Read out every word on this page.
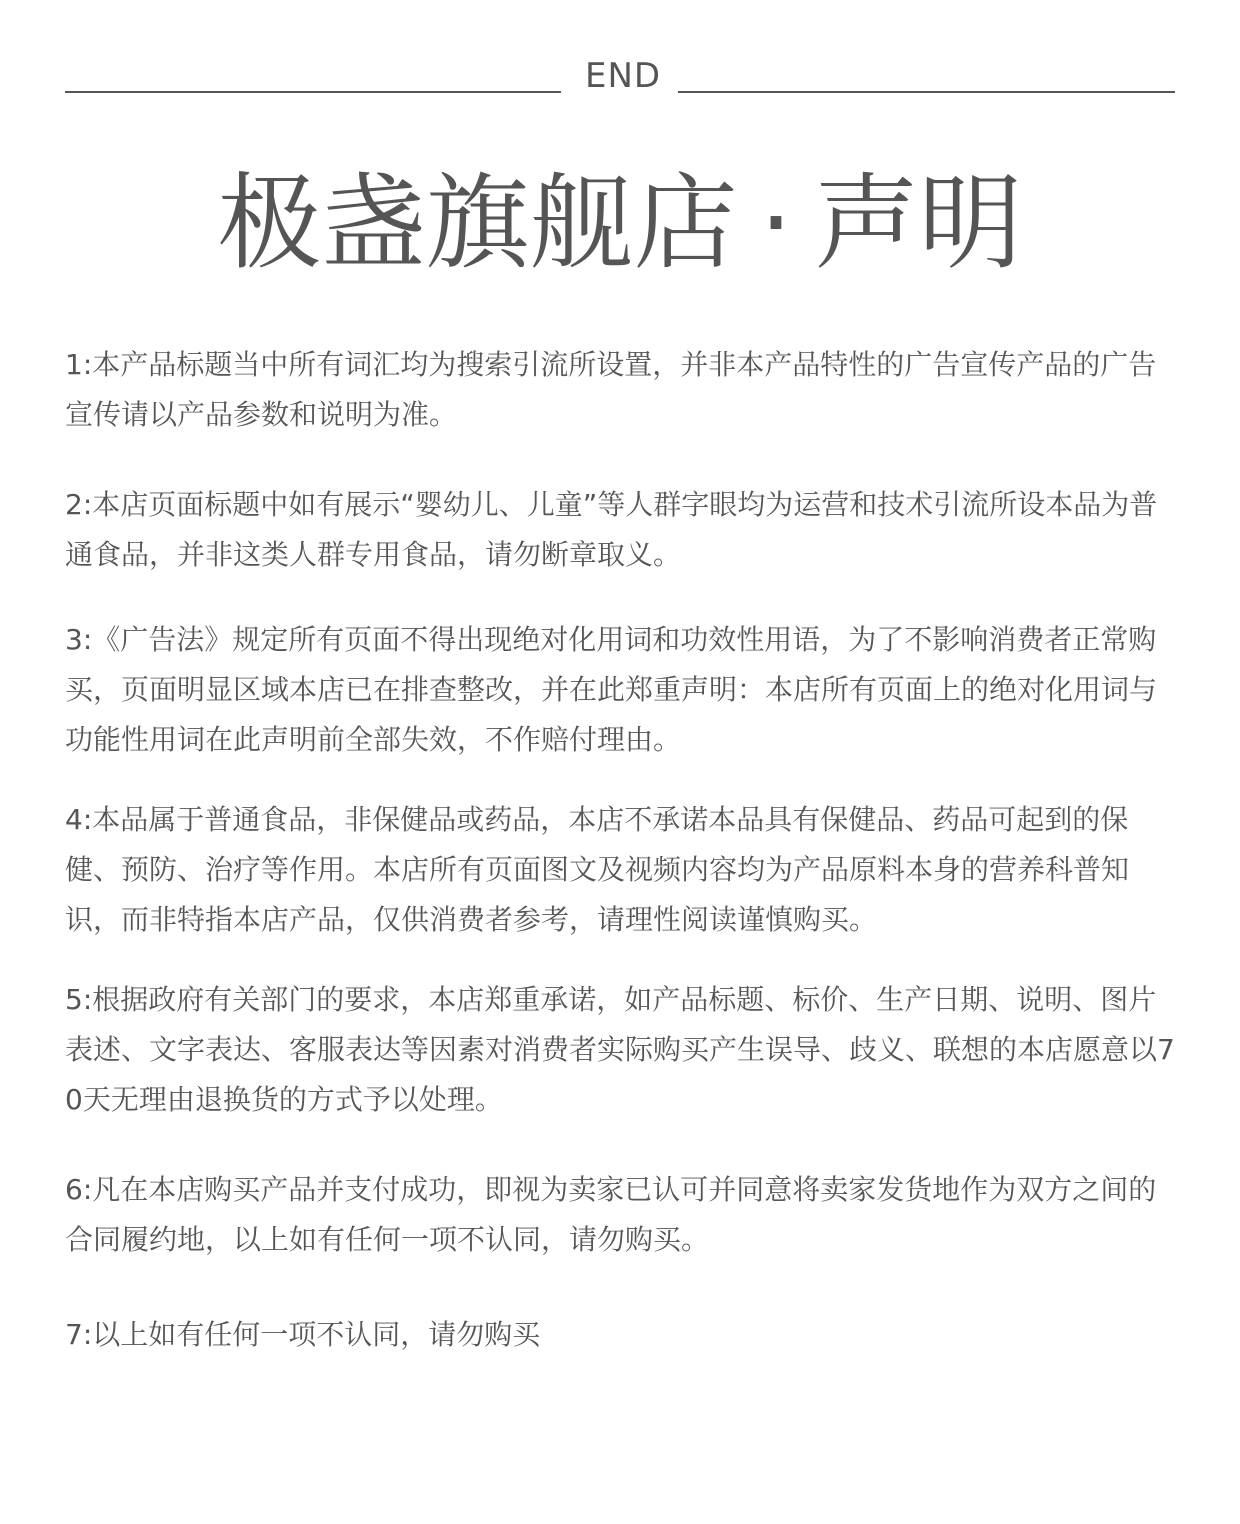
END
极盏旗舰店 · 声明

1:本产品标题当中所有词汇均为搜索引流所设置，并非本产品特性的广告宣传产品的广告宣传请以产品参数和说明为准。

2:本店页面标题中如有展示“婴幼儿、儿童”等人群字眼均为运营和技术引流所设本品为普通食品，并非这类人群专用食品，请勿断章取义。

3:《广告法》规定所有页面不得出现绝对化用词和功效性用语，为了不影响消费者正常购买，页面明显区域本店已在排查整改，并在此郑重声明：本店所有页面上的绝对化用词与功能性用词在此声明前全部失效，不作赔付理由。

4:本品属于普通食品，非保健品或药品，本店不承诺本品具有保健品、药品可起到的保健、预防、治疗等作用。本店所有页面图文及视频内容均为产品原料本身的营养科普知识，而非特指本店产品，仅供消费者参考，请理性阅读谨慎购买。

5:根据政府有关部门的要求，本店郑重承诺，如产品标题、标价、生产日期、说明、图片表述、文字表达、客服表达等因素对消费者实际购买产生误导、歧义、联想的本店愿意以70天无理由退换货的方式予以处理。

6:凡在本店购买产品并支付成功，即视为卖家已认可并同意将卖家发货地作为双方之间的合同履约地，以上如有任何一项不认同，请勿购买。

7:以上如有任何一项不认同，请勿购买
